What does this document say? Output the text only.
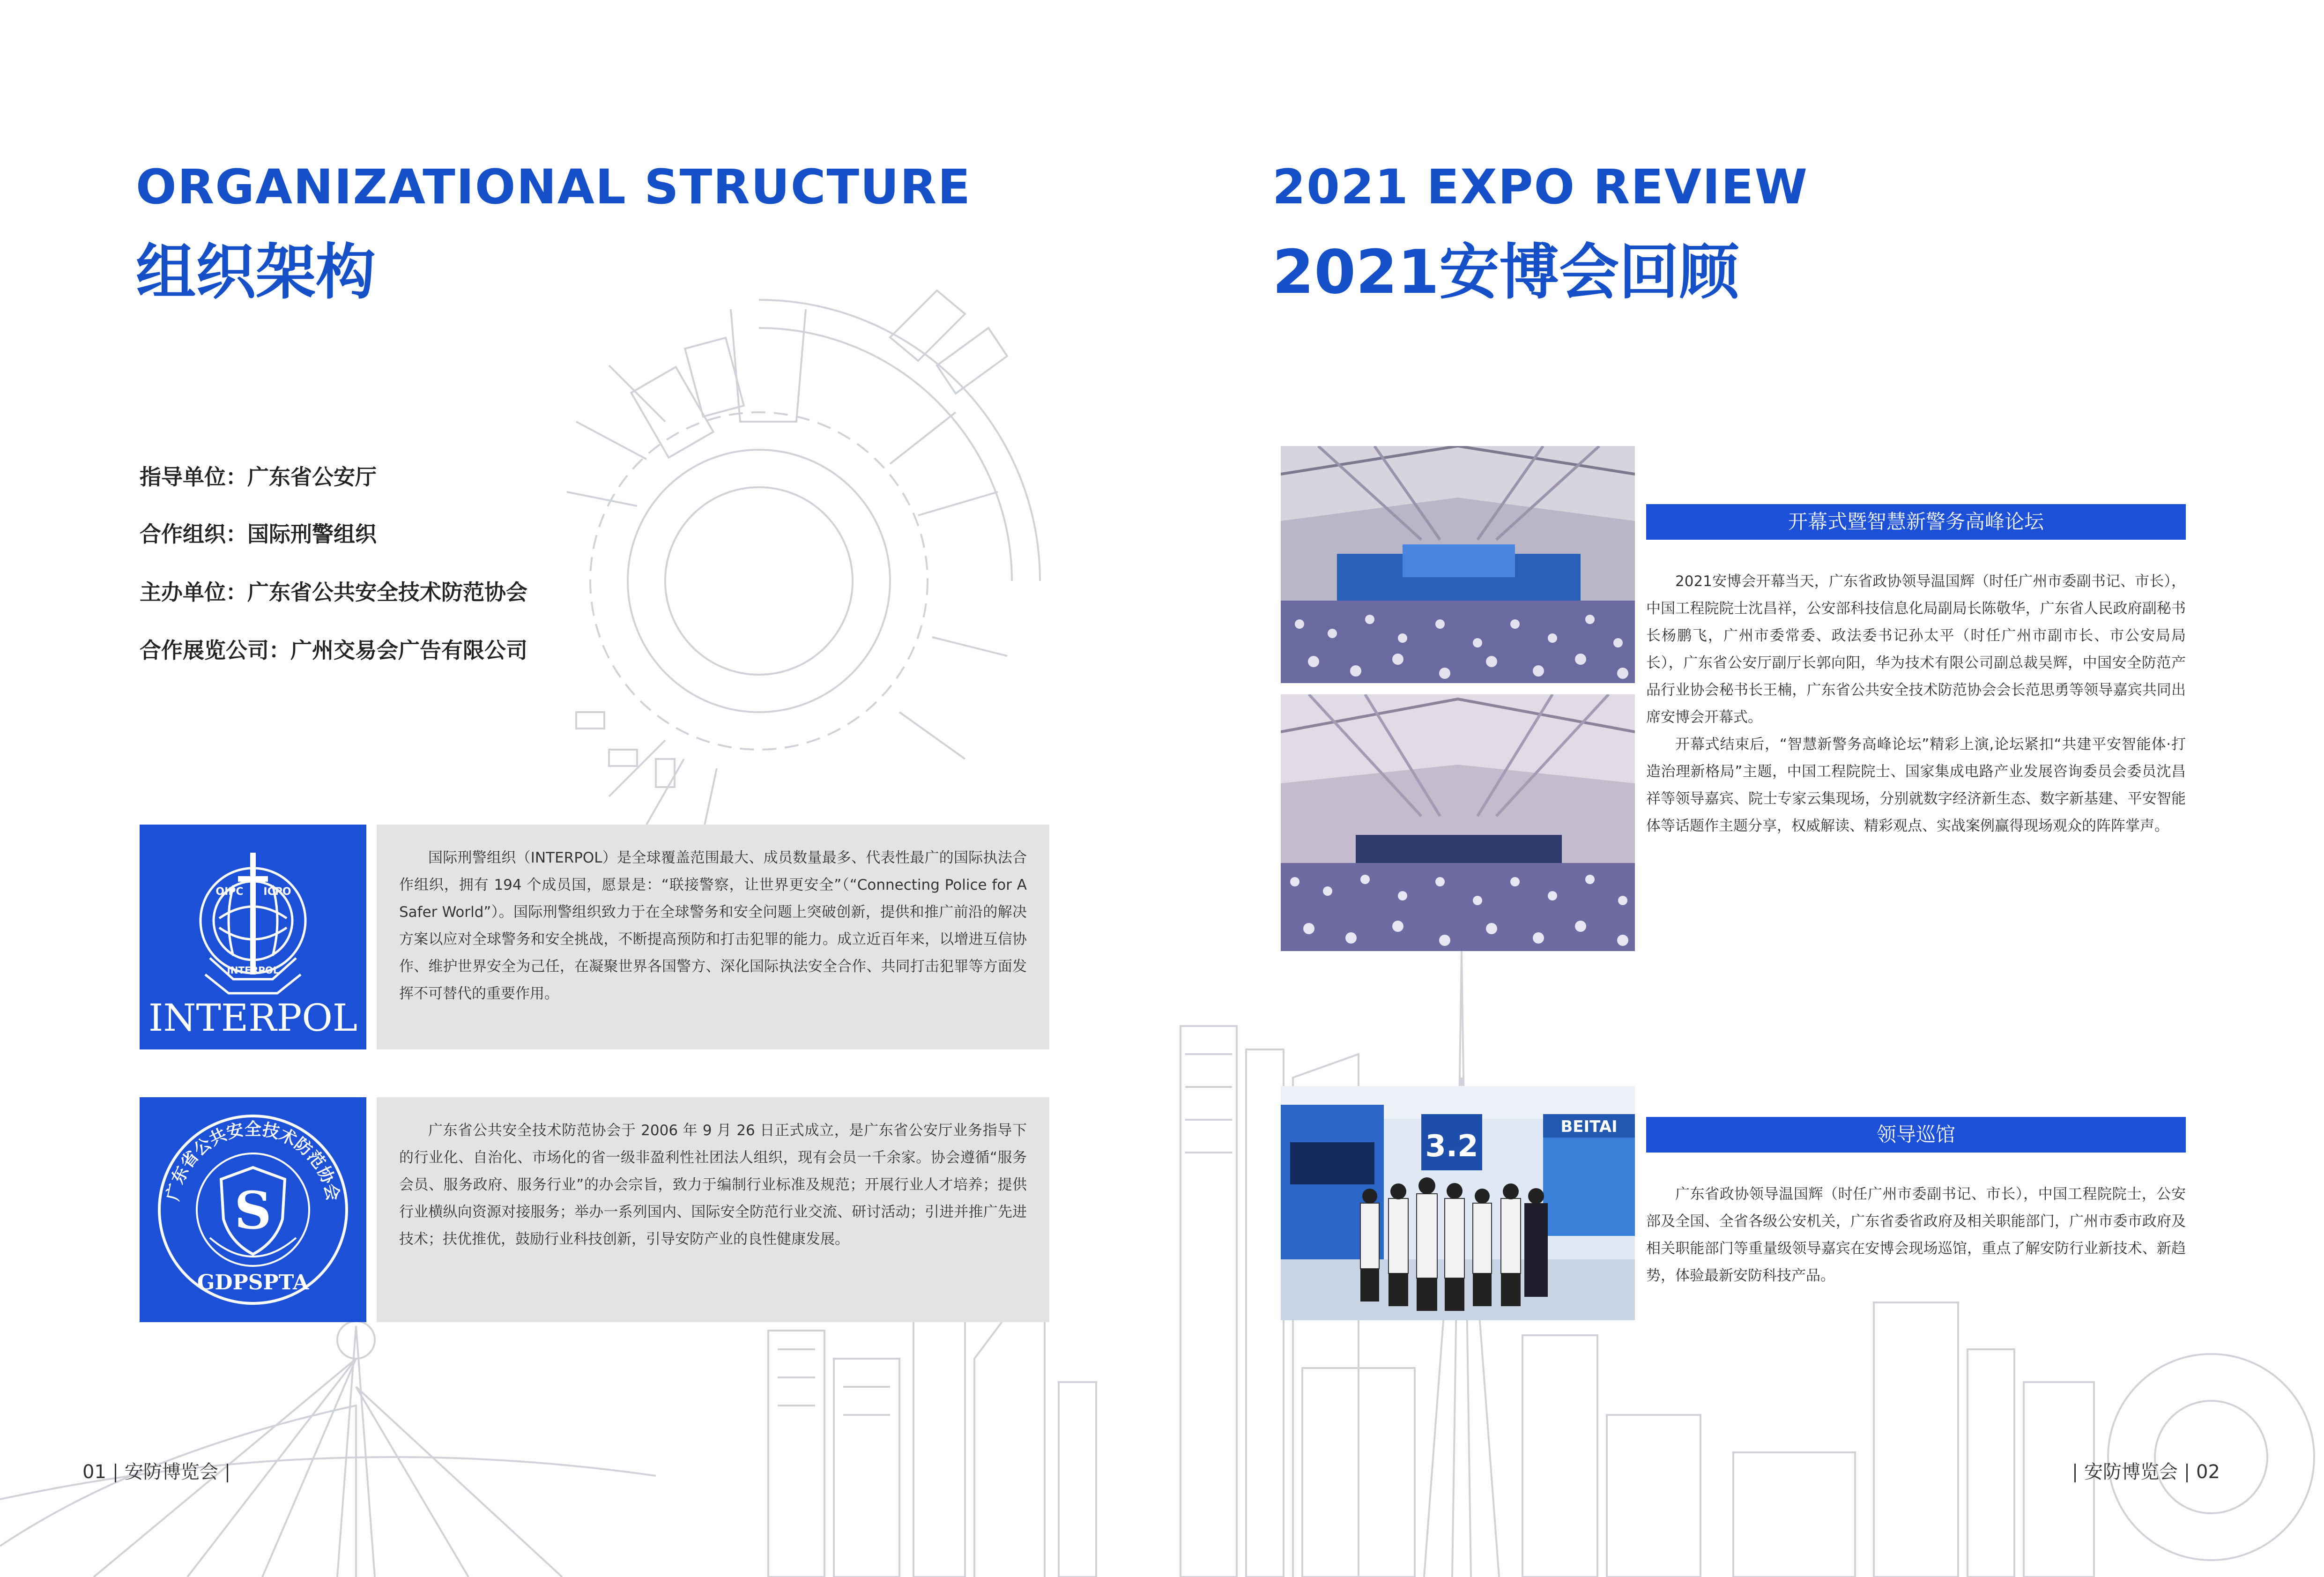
ORGANIZATIONAL STRUCTURE
组织架构
指导单位：广东省公安厅
合作组织：国际刑警组织
主办单位：广东省公共安全技术防范协会
合作展览公司：广州交易会广告有限公司
OIPC ICPO
INTERPOL
INTERPOL

国际刑警组织（INTERPOL）是全球覆盖范围最大、成员数量最多、代表性最广的国际执法合作组织，拥有 194 个成员国，愿景是：“联接警察，让世界更安全”（“Connecting Police for A Safer World”）。国际刑警组织致力于在全球警务和安全问题上突破创新，提供和推广前沿的解决方案以应对全球警务和安全挑战，不断提高预防和打击犯罪的能力。成立近百年来，以增进互信协作、维护世界安全为己任，在凝聚世界各国警方、深化国际执法安全合作、共同打击犯罪等方面发挥不可替代的重要作用。

广东省公共安全技术防范协会
S
GDPSPTA

广东省公共安全技术防范协会于 2006 年 9 月 26 日正式成立，是广东省公安厅业务指导下的行业化、自治化、市场化的省一级非盈利性社团法人组织，现有会员一千余家。协会遵循“服务会员、服务政府、服务行业”的办会宗旨，致力于编制行业标准及规范；开展行业人才培养；提供行业横纵向资源对接服务；举办一系列国内、国际安全防范行业交流、研讨活动；引进并推广先进技术；扶优推优，鼓励行业科技创新，引导安防产业的良性健康发展。

01 安防博览会
2021 EXPO REVIEW
2021安博会回顾
开幕式暨智慧新警务高峰论坛

2021安博会开幕当天，广东省政协领导温国辉（时任广州市委副书记、市长），中国工程院院士沈昌祥，公安部科技信息化局副局长陈敬华，广东省人民政府副秘书长杨鹏飞，广州市委常委、政法委书记孙太平（时任广州市副市长、市公安局局长），广东省公安厅副厅长郭向阳，华为技术有限公司副总裁吴辉，中国安全防范产品行业协会秘书长王楠，广东省公共安全技术防范协会会长范思勇等领导嘉宾共同出席安博会开幕式。

开幕式结束后，“智慧新警务高峰论坛”精彩上演,论坛紧扣“共建平安智能体·打造治理新格局”主题，中国工程院院士、国家集成电路产业发展咨询委员会委员沈昌祥等领导嘉宾、院士专家云集现场，分别就数字经济新生态、数字新基建、平安智能体等话题作主题分享，权威解读、精彩观点、实战案例赢得现场观众的阵阵掌声。

3.2
BEITAI	领导巡馆

广东省政协领导温国辉（时任广州市委副书记、市长），中国工程院院士，公安部及全国、全省各级公安机关，广东省委省政府及相关职能部门，广州市委市政府及相关职能部门等重量级领导嘉宾在安博会现场巡馆，重点了解安防行业新技术、新趋势，体验最新安防科技产品。

安防博览会 02
